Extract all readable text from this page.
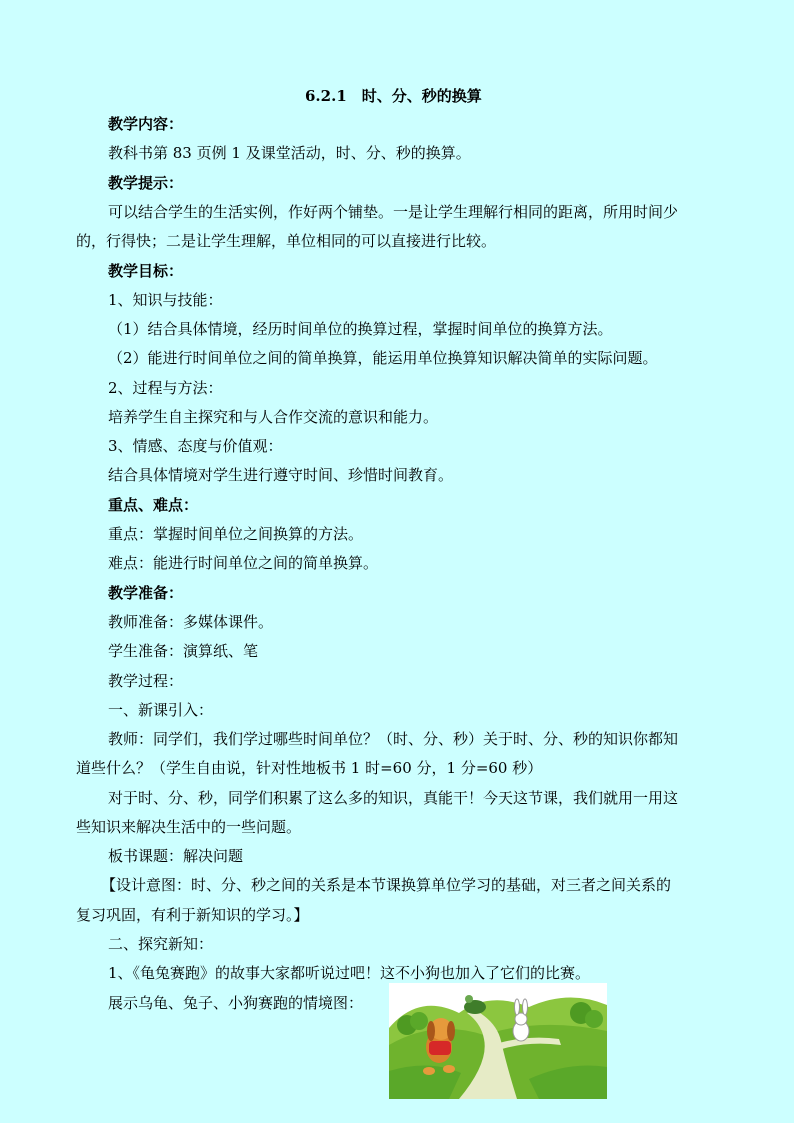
6.2.1　时、分、秒的换算
教学内容：
教科书第 83 页例 1 及课堂活动，时、分、秒的换算。
教学提示：
可以结合学生的生活实例，作好两个铺垫。一是让学生理解行相同的距离，所用时间少
的，行得快；二是让学生理解，单位相同的可以直接进行比较。
教学目标：
1、知识与技能：
（1）结合具体情境，经历时间单位的换算过程，掌握时间单位的换算方法。
（2）能进行时间单位之间的简单换算，能运用单位换算知识解决简单的实际问题。
2、过程与方法：
培养学生自主探究和与人合作交流的意识和能力。
3、情感、态度与价值观：
结合具体情境对学生进行遵守时间、珍惜时间教育。
重点、难点：
重点：掌握时间单位之间换算的方法。
难点：能进行时间单位之间的简单换算。
教学准备：
教师准备：多媒体课件。
学生准备：演算纸、笔
教学过程：
一、新课引入：
教师：同学们，我们学过哪些时间单位？（时、分、秒）关于时、分、秒的知识你都知
道些什么？（学生自由说，针对性地板书 1 时=60 分，1 分=60 秒）
对于时、分、秒，同学们积累了这么多的知识，真能干！今天这节课，我们就用一用这
些知识来解决生活中的一些问题。
板书课题：解决问题
【设计意图：时、分、秒之间的关系是本节课换算单位学习的基础，对三者之间关系的
复习巩固，有利于新知识的学习。】
二、探究新知：
1、《龟兔赛跑》的故事大家都听说过吧！这不小狗也加入了它们的比赛。
展示乌龟、兔子、小狗赛跑的情境图：
